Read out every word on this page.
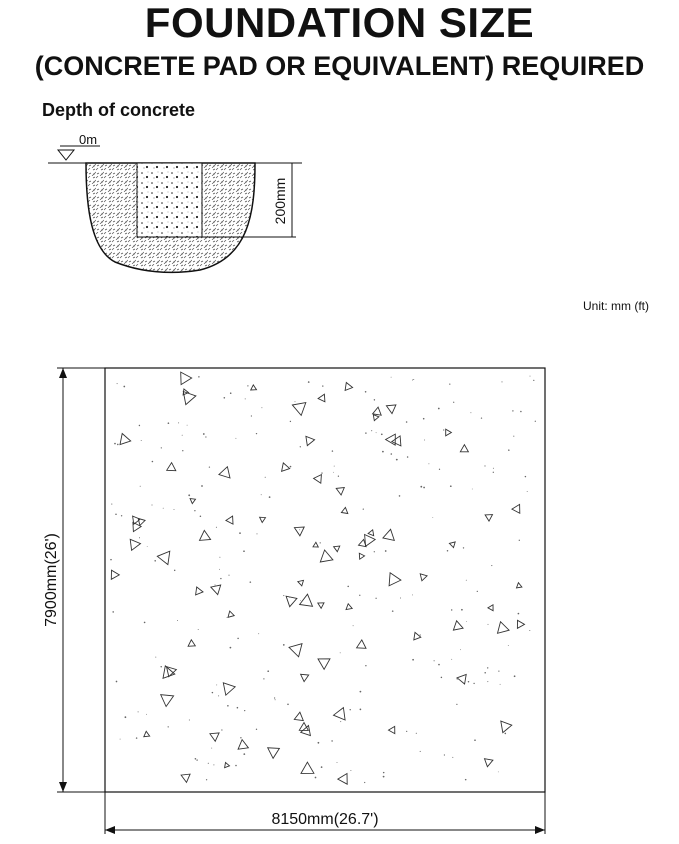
FOUNDATION SIZE
(CONCRETE PAD OR EQUIVALENT) REQUIRED
Depth of concrete
Unit: mm (ft)
0m
200mm
7900mm(26')
8150mm(26.7')
